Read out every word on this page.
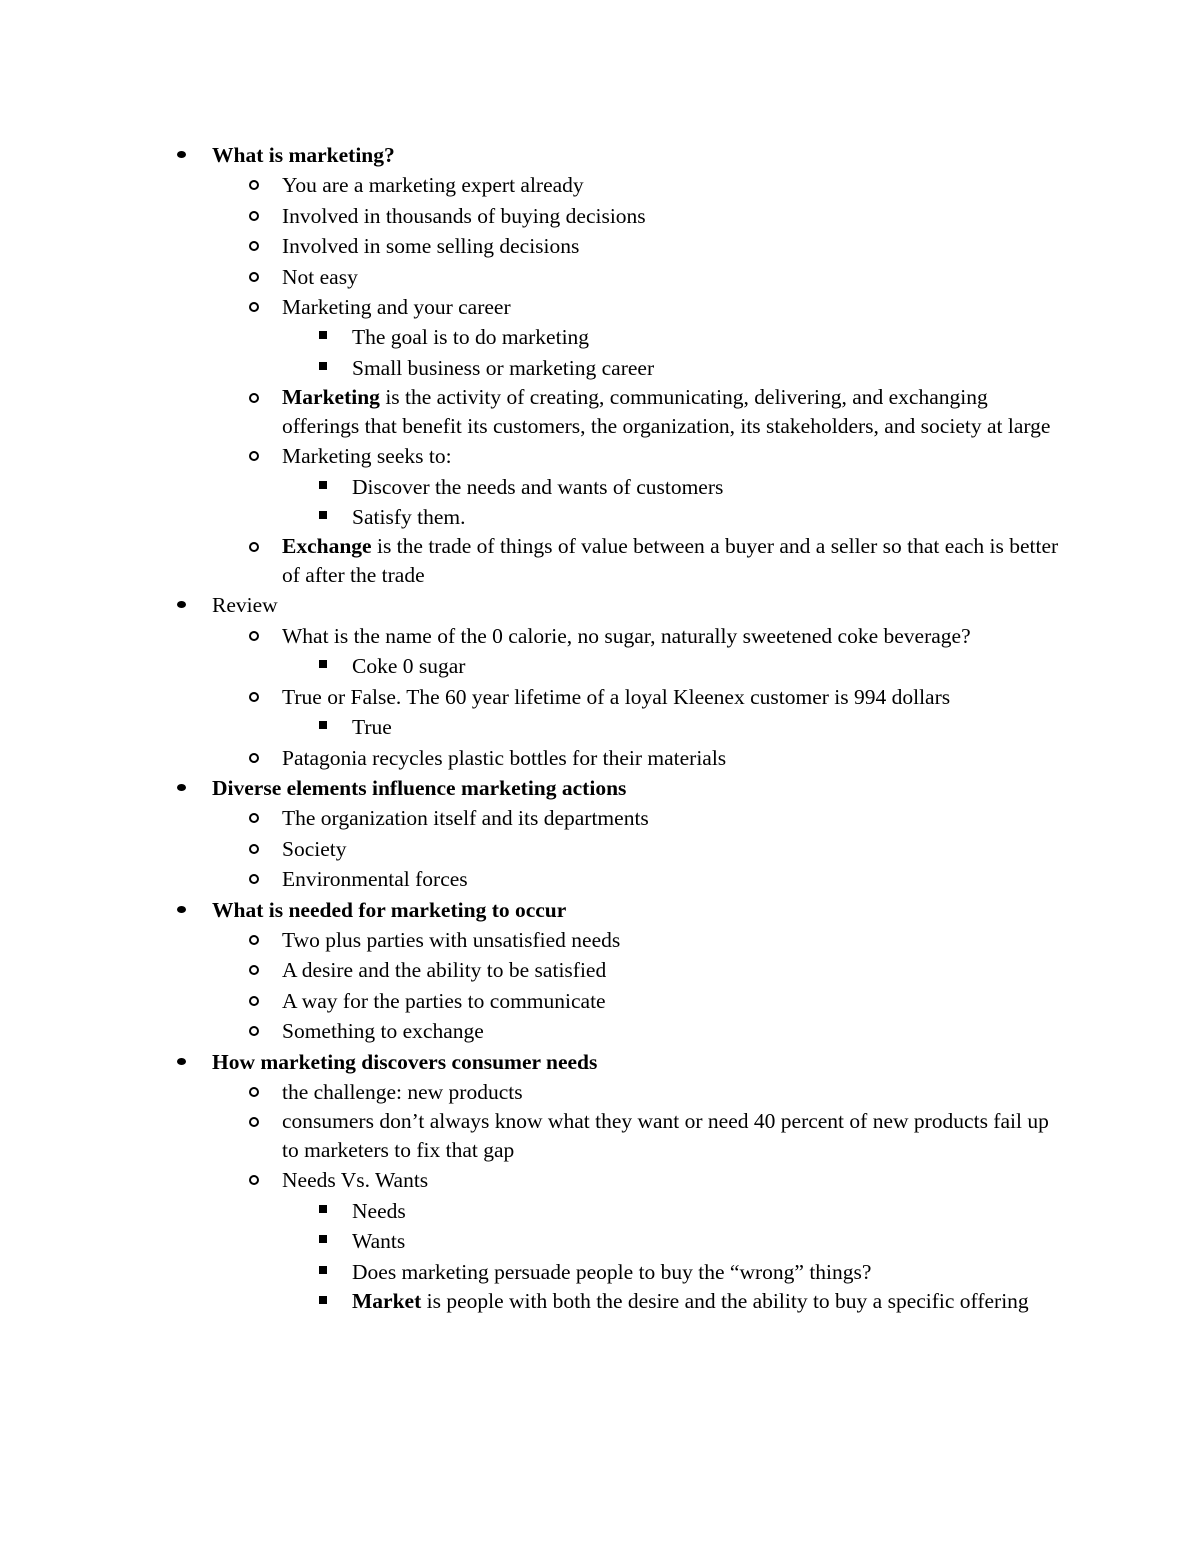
What is marketing?
You are a marketing expert already
Involved in thousands of buying decisions
Involved in some selling decisions
Not easy
Marketing and your career
The goal is to do marketing
Small business or marketing career
Marketing is the activity of creating, communicating, delivering, and exchanging offerings that benefit its customers, the organization, its stakeholders, and society at large
Marketing seeks to:
Discover the needs and wants of customers
Satisfy them.
Exchange is the trade of things of value between a buyer and a seller so that each is better of after the trade
Review
What is the name of the 0 calorie, no sugar, naturally sweetened coke beverage?
Coke 0 sugar
True or False. The 60 year lifetime of a loyal Kleenex customer is 994 dollars
True
Patagonia recycles plastic bottles for their materials
Diverse elements influence marketing actions
The organization itself and its departments
Society
Environmental forces
What is needed for marketing to occur
Two plus parties with unsatisfied needs
A desire and the ability to be satisfied
A way for the parties to communicate
Something to exchange
How marketing discovers consumer needs
the challenge: new products
consumers don’t always know what they want or need 40 percent of new products fail up to marketers to fix that gap
Needs Vs. Wants
Needs
Wants
Does marketing persuade people to buy the “wrong” things?
Market is people with both the desire and the ability to buy a specific offering
